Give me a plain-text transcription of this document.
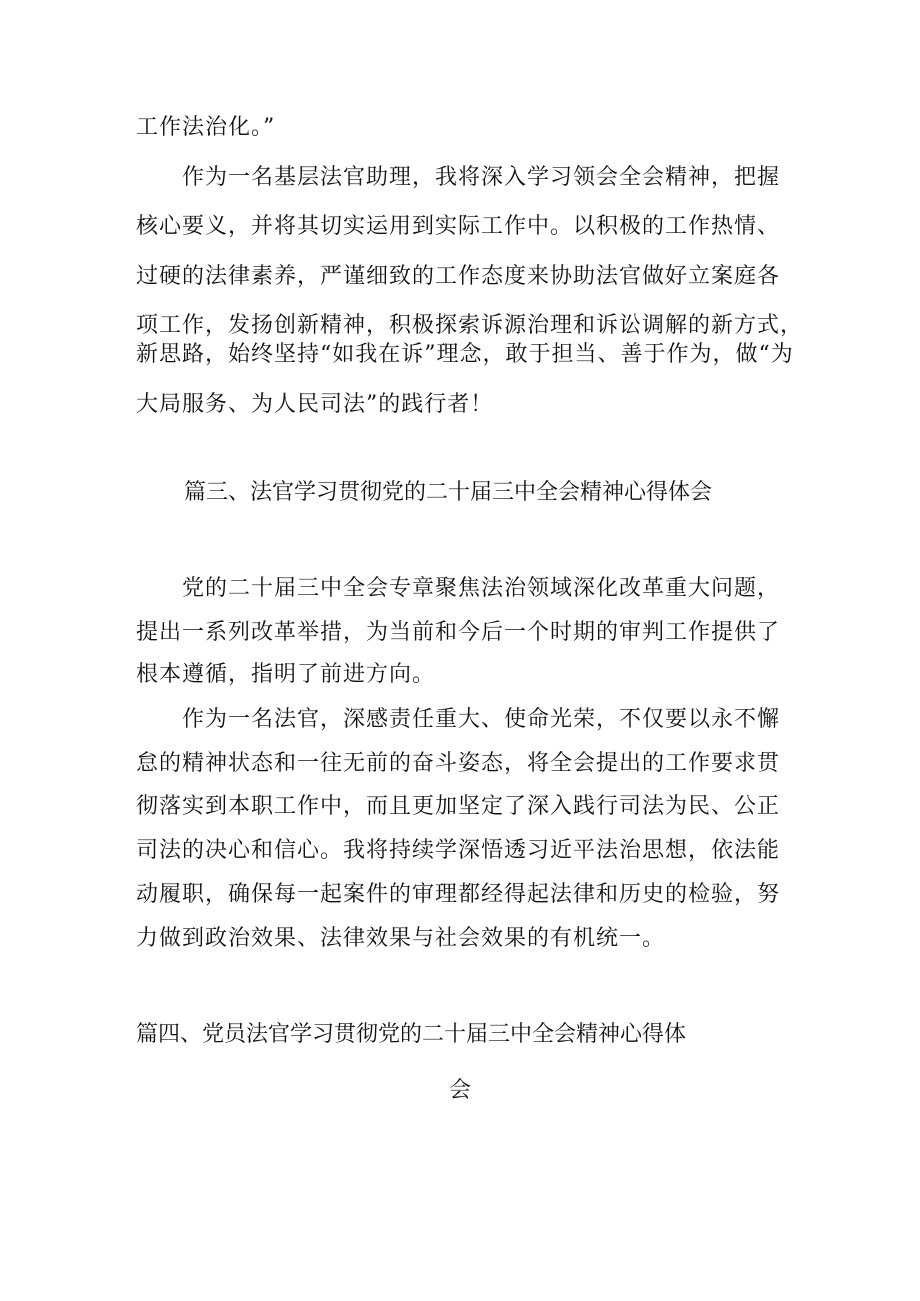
工作法治化。”
　　作为一名基层法官助理，我将深入学习领会全会精神，把握
核心要义，并将其切实运用到实际工作中。以积极的工作热情、
过硬的法律素养，严谨细致的工作态度来协助法官做好立案庭各
项工作，发扬创新精神，积极探索诉源治理和诉讼调解的新方式，
新思路，始终坚持“如我在诉”理念，敢于担当、善于作为，做“为
大局服务、为人民司法”的践行者！
篇三、法官学习贯彻党的二十届三中全会精神心得体会
　　党的二十届三中全会专章聚焦法治领域深化改革重大问题，
提出一系列改革举措，为当前和今后一个时期的审判工作提供了
根本遵循，指明了前进方向。
　　作为一名法官，深感责任重大、使命光荣，不仅要以永不懈
怠的精神状态和一往无前的奋斗姿态，将全会提出的工作要求贯
彻落实到本职工作中，而且更加坚定了深入践行司法为民、公正
司法的决心和信心。我将持续学深悟透习近平法治思想，依法能
动履职，确保每一起案件的审理都经得起法律和历史的检验，努
力做到政治效果、法律效果与社会效果的有机统一。
篇四、党员法官学习贯彻党的二十届三中全会精神心得体
会
